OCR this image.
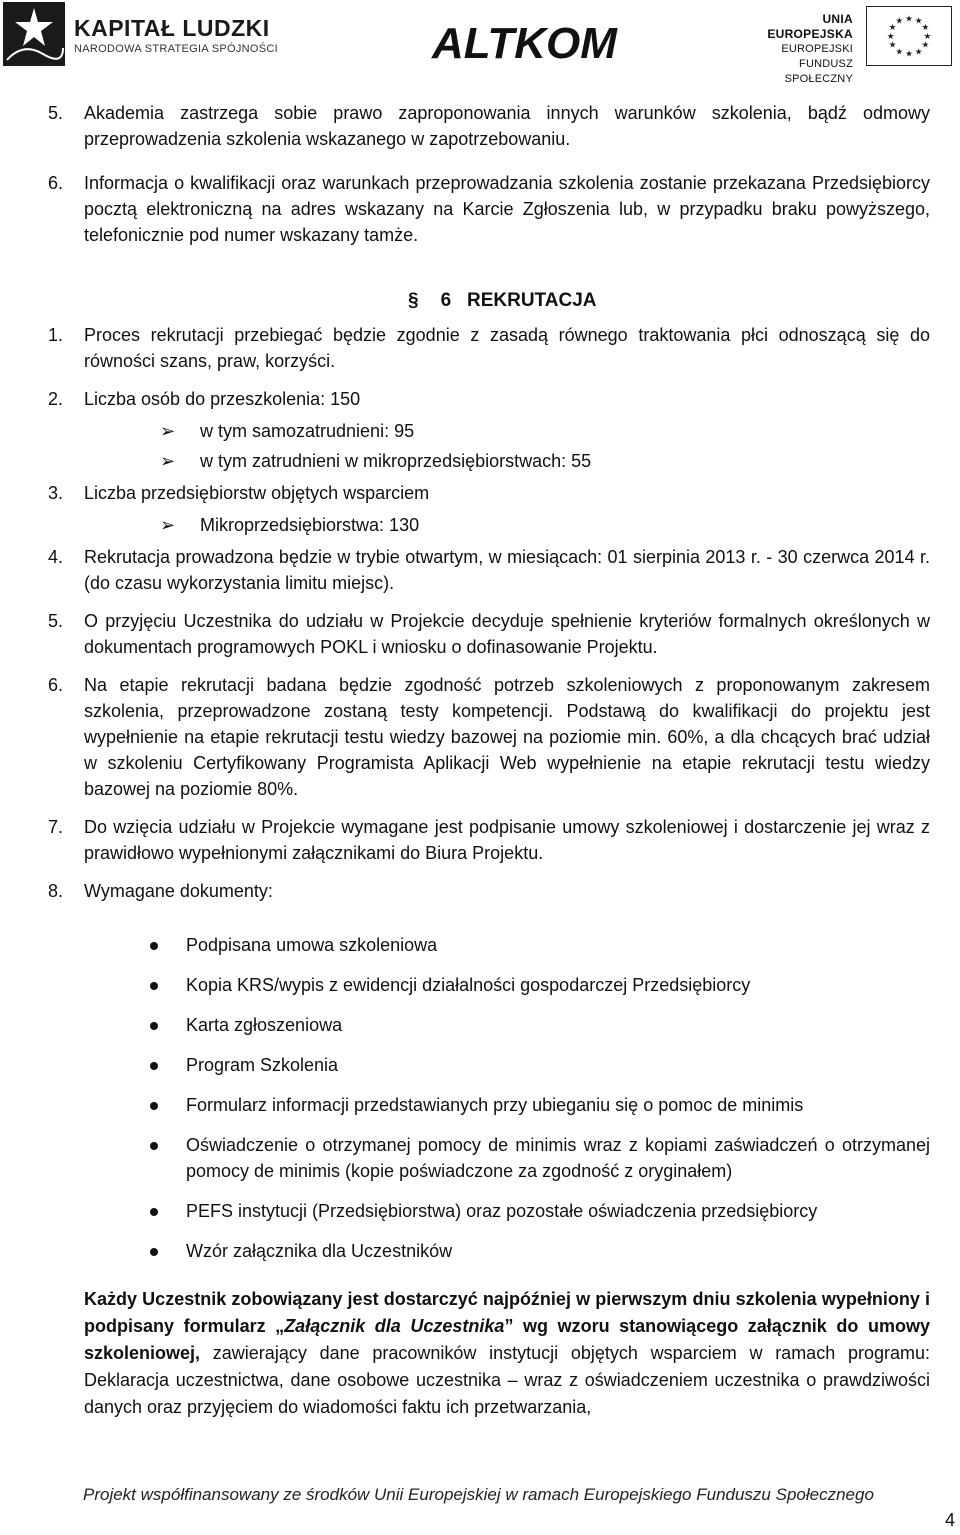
KAPITAŁ LUDZKI
NARODOWA STRATEGIA SPÓJNOŚCI	ALTKOM	UNIA EUROPEJSKA
EUROPEJSKI
FUNDUSZ SPOŁECZNY
★ ★
★
★
★
★
★
★
★
★
★
★
5. Akademia zastrzega sobie prawo zaproponowania innych warunków szkolenia, bądź odmowy przeprowadzenia szkolenia wskazanego w zapotrzebowaniu.
6. Informacja o kwalifikacji oraz warunkach przeprowadzania szkolenia zostanie przekazana Przedsiębiorcy pocztą elektroniczną na adres wskazany na Karcie Zgłoszenia lub, w przypadku braku powyższego, telefonicznie pod numer wskazany tamże.
§ 6 REKRUTACJA
1. Proces rekrutacji przebiegać będzie zgodnie z zasadą równego traktowania płci odnoszącą się do równości szans, praw, korzyści.
2. Liczba osób do przeszkolenia: 150
➢ w tym samozatrudnieni: 95
➢ w tym zatrudnieni w mikroprzedsiębiorstwach: 55
3. Liczba przedsiębiorstw objętych wsparciem
➢ Mikroprzedsiębiorstwa: 130
4. Rekrutacja prowadzona będzie w trybie otwartym, w miesiącach: 01 sierpinia 2013 r. - 30 czerwca 2014 r. (do czasu wykorzystania limitu miejsc).
5. O przyjęciu Uczestnika do udziału w Projekcie decyduje spełnienie kryteriów formalnych określonych w dokumentach programowych POKL i wniosku o dofinasowanie Projektu.
6. Na etapie rekrutacji badana będzie zgodność potrzeb szkoleniowych z proponowanym zakresem szkolenia, przeprowadzone zostaną testy kompetencji. Podstawą do kwalifikacji do projektu jest wypełnienie na etapie rekrutacji testu wiedzy bazowej na poziomie min. 60%, a dla chcących brać udział w szkoleniu Certyfikowany Programista Aplikacji Web wypełnienie na etapie rekrutacji testu wiedzy bazowej na poziomie 80%.
7. Do wzięcia udziału w Projekcie wymagane jest podpisanie umowy szkoleniowej i dostarczenie jej wraz z prawidłowo wypełnionymi załącznikami do Biura Projektu.
8. Wymagane dokumenty:
Podpisana umowa szkoleniowa
Kopia KRS/wypis z ewidencji działalności gospodarczej Przedsiębiorcy
Karta zgłoszeniowa
Program Szkolenia
Formularz informacji przedstawianych przy ubieganiu się o pomoc de minimis
Oświadczenie o otrzymanej pomocy de minimis wraz z kopiami zaświadczeń o otrzymanej pomocy de minimis (kopie poświadczone za zgodność z oryginałem)
PEFS instytucji (Przedsiębiorstwa) oraz pozostałe oświadczenia przedsiębiorcy
Wzór załącznika dla Uczestników
Każdy Uczestnik zobowiązany jest dostarczyć najpóźniej w pierwszym dniu szkolenia wypełniony i podpisany formularz „Załącznik dla Uczestnika” wg wzoru stanowiącego załącznik do umowy szkoleniowej, zawierający dane pracowników instytucji objętych wsparciem w ramach programu: Deklaracja uczestnictwa, dane osobowe uczestnika – wraz z oświadczeniem uczestnika o prawdziwości danych oraz przyjęciem do wiadomości faktu ich przetwarzania,
Projekt współfinansowany ze środków Unii Europejskiej w ramach Europejskiego Funduszu Społecznego
4
